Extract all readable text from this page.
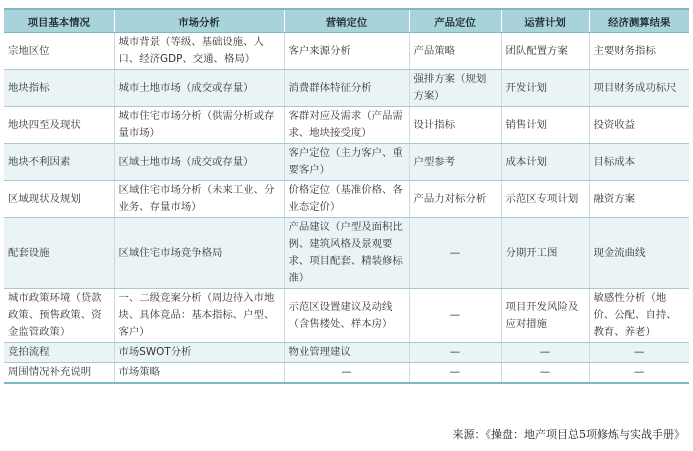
项目基本情况	市场分析	营销定位	产品定位	运营计划	经济测算结果
宗地区位	城市背景（等级、基础设施、人口、经济GDP、交通、格局）	客户来源分析	产品策略	团队配置方案	主要财务指标
地块指标	城市土地市场（成交或存量）	消费群体特征分析	强排方案（规划方案）	开发计划	项目财务成功标尺
地块四至及现状	城市住宅市场分析（供需分析或存量市场）	客群对应及需求（产品需求、地块接受度）	设计指标	销售计划	投资收益
地块不利因素	区域土地市场（成交或存量）	客户定位（主力客户、重要客户）	户型参考	成本计划	目标成本
区域现状及规划	区域住宅市场分析（未来工业、分业务、存量市场）	价格定位（基准价格、各业态定价）	产品力对标分析	示范区专项计划	融资方案
配套设施	区域住宅市场竞争格局	产品建议（户型及面积比例、建筑风格及景观要求、项目配套、精装修标准）	—	分期开工图	现金流曲线
城市政策环境（贷款政策、预售政策、资金监管政策）	一、二级竞案分析（周边待入市地块、具体竞品：基本指标、户型、客户）	示范区设置建议及动线（含售楼处、样本房）	—	项目开发风险及应对措施	敏感性分析（地价、公配、自持、教育、养老）
竞拍流程	市场SWOT分析	物业管理建议	—	—	—
周围情况补充说明	市场策略	—	—	—	—
来源：《操盘：地产项目总5项修炼与实战手册》
